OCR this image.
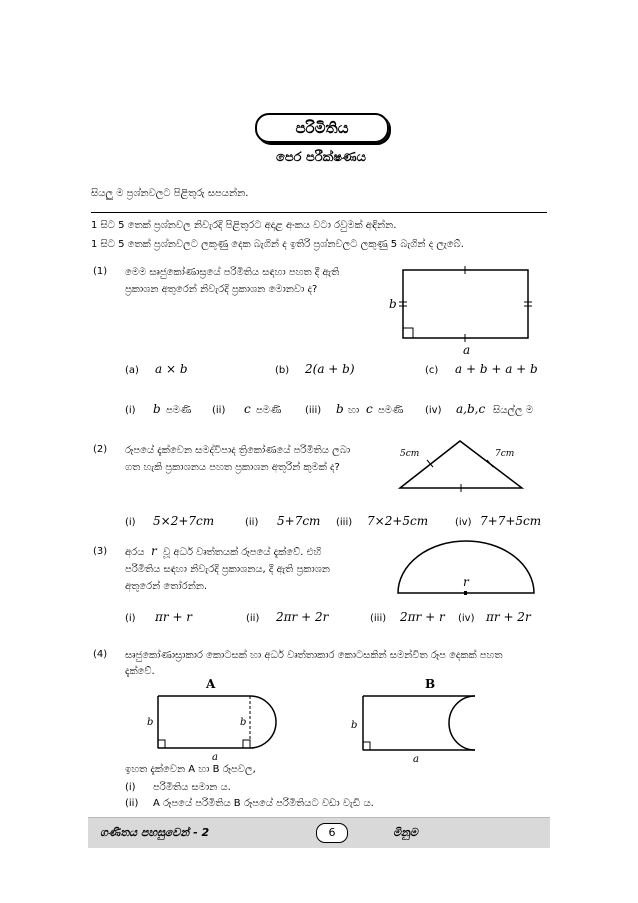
පරිමිතිය
පෙර පරීක්ෂණය
සියලු ම ප්‍රශ්නවලට පිළිතුරු සපයන්න.
1 සිට 5 තෙක් ප්‍රශ්නවල නිවැරදි පිළිතුරට අදාළ අංකය වටා රවුමක් අඳින්න.
1 සිට 5 තෙක් ප්‍රශ්නවලට ලකුණු දෙක බැගින් ද ඉතිරි ප්‍රශ්නවලට ලකුණු 5 බැගින් ද ලැබේ.
(1) මෙම සෘජුකෝණාස්‍රයේ පරිමිතිය සඳහා පහත දී ඇති
ප්‍රකාශන අතුරෙන් නිවැරදි ප්‍රකාශන මොනවා ද?
b
a
(a) a × b	(b) 2(a + b)	(c) a + b + a + b
(i) b පමණි (ii) c පමණි (iii) b හා c පමණි (iv) a,b,c සියල්ල ම
(2) රූපයේ දැක්වෙන සමද්විපාද ත්‍රිකෝණයේ පරිමිතිය ලබා
ගත හැකි ප්‍රකාශනය පහත ප්‍රකාශන අතුරින් කුමක් ද?
5cm	7cm
(i) 5×2+7cm	(ii) 5+7cm (iii) 7×2+5cm	(iv) 7+7+5cm
(3) අරය r වූ අර්ධ වෘත්තයක් රූපයේ දැක්වේ. එහි
පරිමිතිය සඳහා නිවැරදි ප්‍රකාශනය, දී ඇති ප්‍රකාශන
අතුරෙන් තෝරන්න.	r
(i) πr + r	(ii) 2πr + 2r	(iii) 2πr + r (iv) πr + 2r
(4) සෘජුකෝණාස්‍රාකාර කොටසක් හා අර්ධ වෘත්තාකාර කොටසකින් සමන්විත රූප දෙකක් පහත
දැක්වේ.
A
b	b
a
B
b
a
ඉහත දැක්වෙන A හා B රූපවල,
(i) පරිමිතිය සමාන ය.
(ii) A රූපයේ පරිමිතිය B රූපයේ පරිමිතියට වඩා වැඩි ය.
ගණිතය පහසුවෙන් - 2	6	මිනුම
